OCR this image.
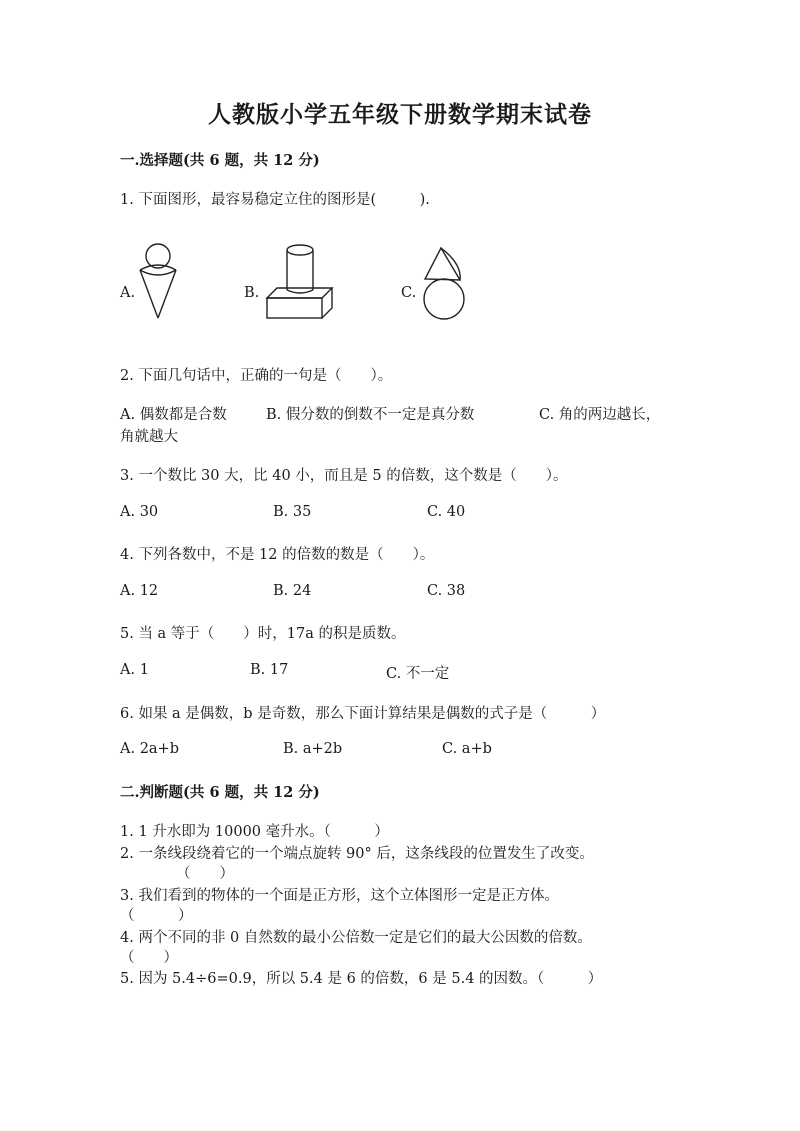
人教版小学五年级下册数学期末试卷
一.选择题(共 6 题，共 12 分)
1. 下面图形，最容易稳定立住的图形是(　　　).
A.	B.	C.
2. 下面几句话中，正确的一句是（　　）。
A. 偶数都是合数	B. 假分数的倒数不一定是真分数	C. 角的两边越长，
角就越大
3. 一个数比 30 大，比 40 小，而且是 5 的倍数，这个数是（　　）。
A. 30	B. 35	C. 40
4. 下列各数中，不是 12 的倍数的数是（　　）。
A. 12	B. 24	C. 38
5. 当 a 等于（　　）时，17a 的积是质数。
A. 1	B. 17	C. 不一定
6. 如果 a 是偶数，b 是奇数，那么下面计算结果是偶数的式子是（　　　）
A. 2a+b	B. a+2b	C. a+b
二.判断题(共 6 题，共 12 分)
1. 1 升水即为 10000 毫升水。（　　　）
2. 一条线段绕着它的一个端点旋转 90° 后，这条线段的位置发生了改变。
（　　）
3. 我们看到的物体的一个面是正方形，这个立体图形一定是正方体。
（　　　）
4. 两个不同的非 0 自然数的最小公倍数一定是它们的最大公因数的倍数。
（　　）
5. 因为 5.4÷6=0.9，所以 5.4 是 6 的倍数，6 是 5.4 的因数。（　　　）
